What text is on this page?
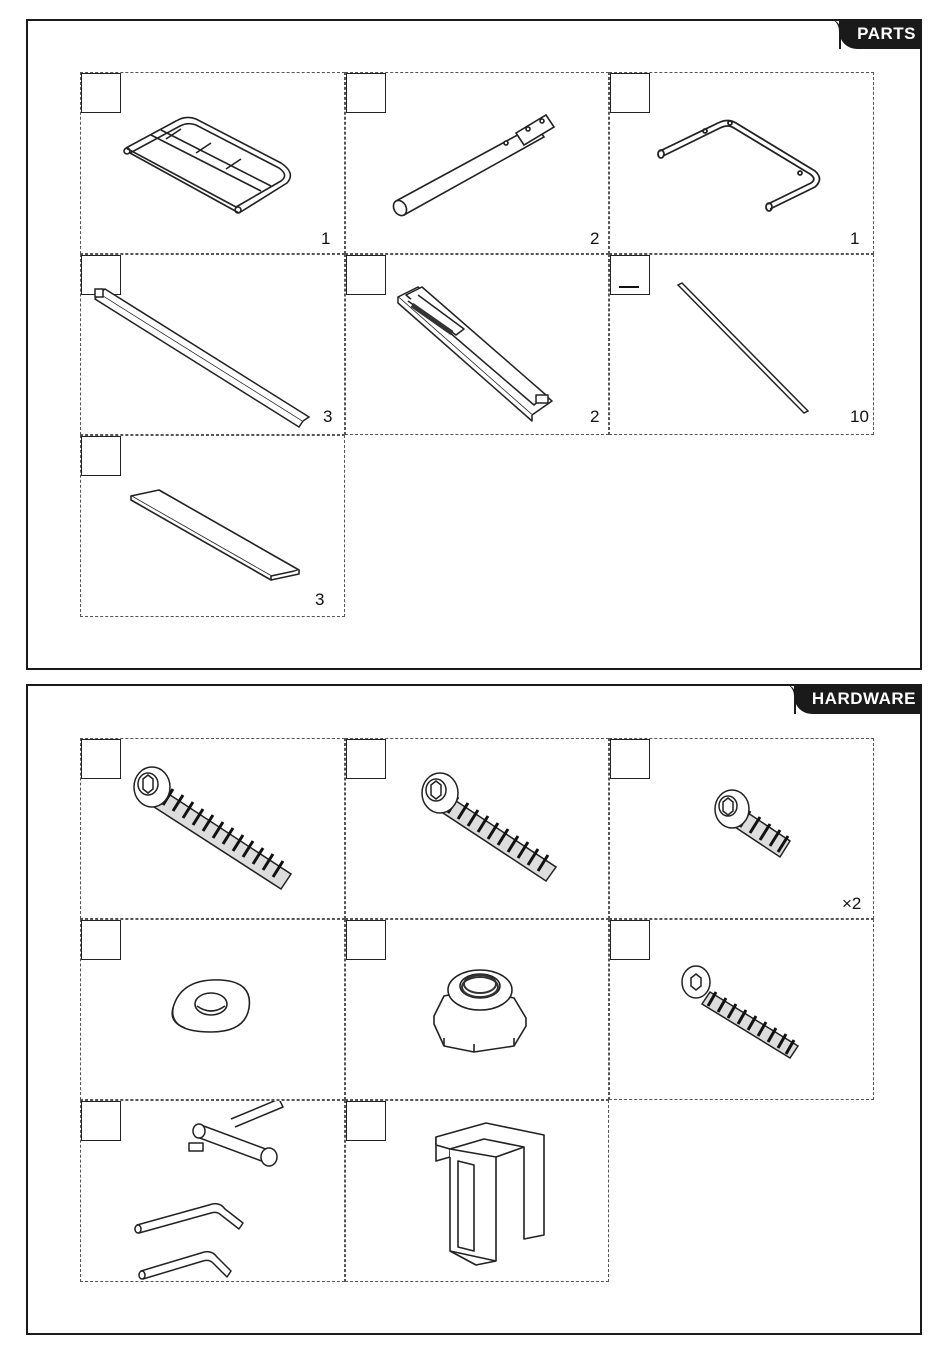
PARTS
1	2	1
3	2	10
3
HARDWARE
×2
